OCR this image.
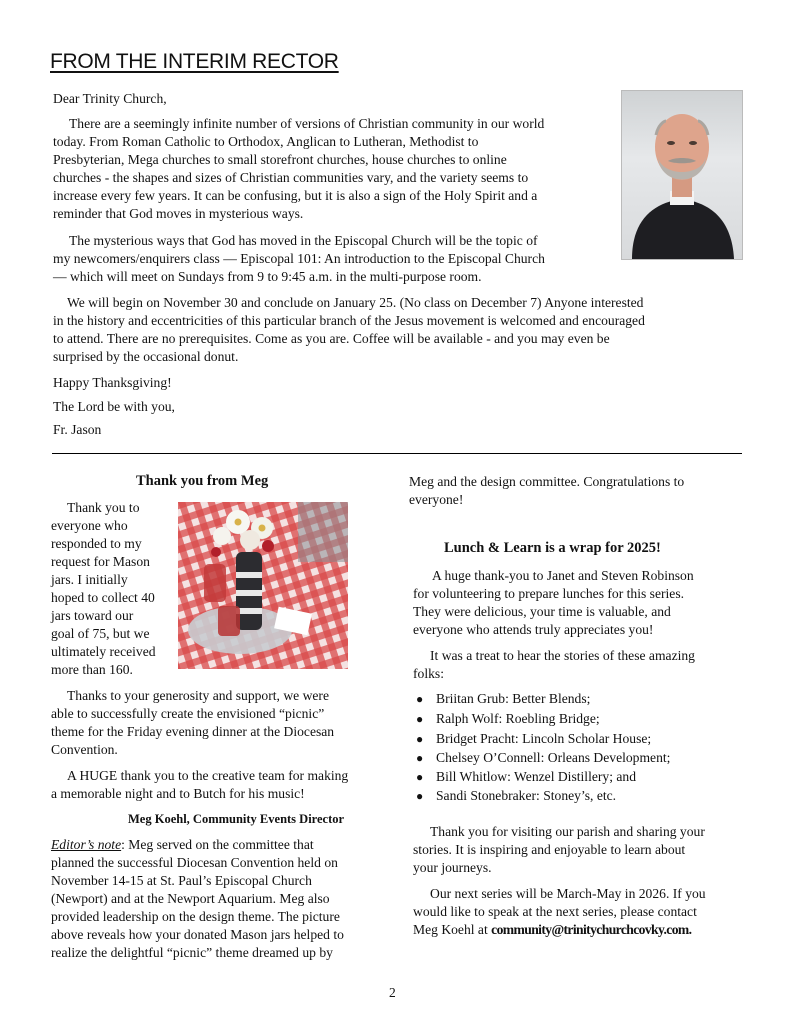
FROM THE INTERIM RECTOR
Dear Trinity Church,
There are a seemingly infinite number of versions of Christian community in our world
today. From Roman Catholic to Orthodox, Anglican to Lutheran, Methodist to
Presbyterian, Mega churches to small storefront churches, house churches to online
churches - the shapes and sizes of Christian communities vary, and the variety seems to
increase every few years. It can be confusing, but it is also a sign of the Holy Spirit and a
reminder that God moves in mysterious ways.
The mysterious ways that God has moved in the Episcopal Church will be the topic of
my newcomers/enquirers class — Episcopal 101: An introduction to the Episcopal Church
— which will meet on Sundays from 9 to 9:45 a.m. in the multi-purpose room.
We will begin on November 30 and conclude on January 25. (No class on December 7) Anyone interested
in the history and eccentricities of this particular branch of the Jesus movement is welcomed and encouraged
to attend. There are no prerequisites. Come as you are. Coffee will be available - and you may even be
surprised by the occasional donut.
Happy Thanksgiving!
The Lord be with you,
Fr. Jason
Thank you from Meg
Thank you to
everyone who
responded to my
request for Mason
jars. I initially
hoped to collect 40
jars toward our
goal of 75, but we
ultimately received
more than 160.
Thanks to your generosity and support, we were
able to successfully create the envisioned “picnic”
theme for the Friday evening dinner at the Diocesan
Convention.
A HUGE thank you to the creative team for making
a memorable night and to Butch for his music!
Meg Koehl, Community Events Director
Editor’s note: Meg served on the committee that
planned the successful Diocesan Convention held on
November 14-15 at St. Paul’s Episcopal Church
(Newport) and at the Newport Aquarium. Meg also
provided leadership on the design theme. The picture
above reveals how your donated Mason jars helped to
realize the delightful “picnic” theme dreamed up by
Meg and the design committee. Congratulations to
everyone!
Lunch & Learn is a wrap for 2025!
A huge thank-you to Janet and Steven Robinson
for volunteering to prepare lunches for this series.
They were delicious, your time is valuable, and
everyone who attends truly appreciates you!
It was a treat to hear the stories of these amazing
folks:
● Briitan Grub: Better Blends;
● Ralph Wolf: Roebling Bridge;
● Bridget Pracht: Lincoln Scholar House;
● Chelsey O’Connell: Orleans Development;
● Bill Whitlow: Wenzel Distillery; and
● Sandi Stonebraker: Stoney’s, etc.
Thank you for visiting our parish and sharing your
stories. It is inspiring and enjoyable to learn about
your journeys.
Our next series will be March-May in 2026. If you
would like to speak at the next series, please contact
Meg Koehl at community@trinitychurchcovky.com.
2
